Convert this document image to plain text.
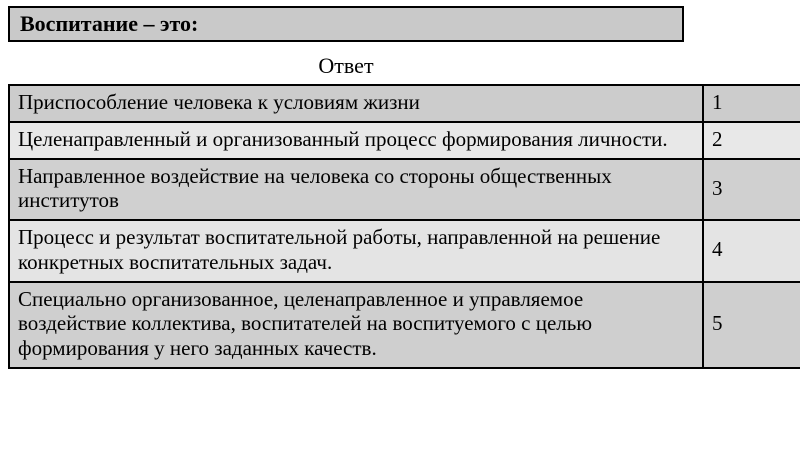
Воспитание – это:
Ответ
Приспособление человека к условиям жизни	1
Целенаправленный и организованный процесс формирования личности.	2
Направленное воздействие на человека со стороны общественных институтов	3
Процесс и результат воспитательной работы, направленной на решение конкретных воспитательных задач.	4
Специально организованное, целенаправленное и управляемое воздействие коллектива, воспитателей на воспитуемого с целью формирования у него заданных качеств.	5
